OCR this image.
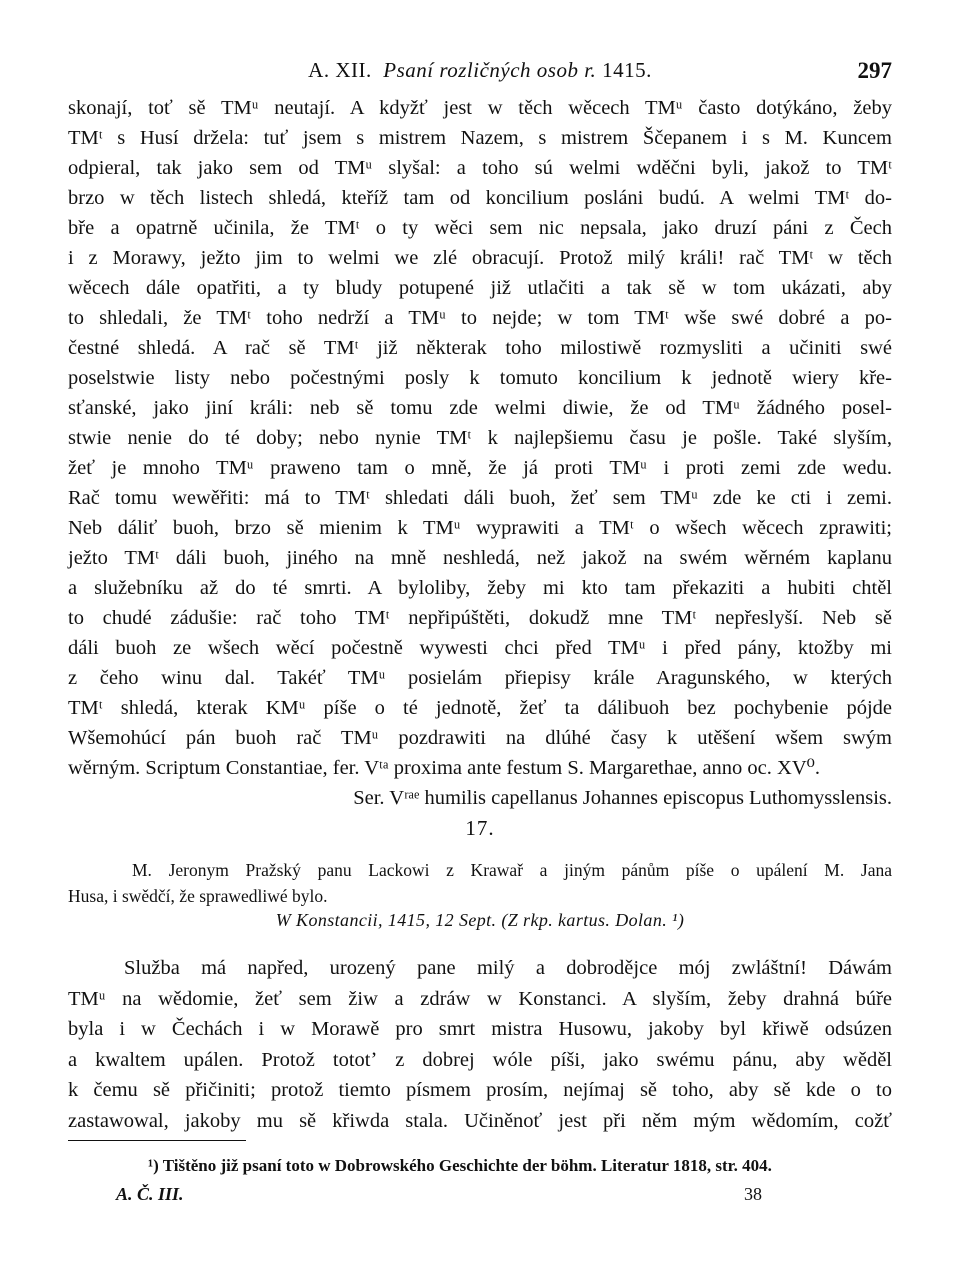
A. XII. Psaní rozličných osob r. 1415.	297
skonají, toť sě TMᵘ neutají. A kdyžť jest w těch wěcech TMᵘ často dotýkáno, žeby
TMᵗ s Husí držela: tuť jsem s mistrem Nazem, s mistrem Ščepanem i s M. Kuncem
odpieral, tak jako sem od TMᵘ slyšal: a toho sú welmi wděčni byli, jakož to TMᵗ
brzo w těch listech shledá, kteříž tam od koncilium posláni budú. A welmi TMᵗ do-
bře a opatrně učinila, že TMᵗ o ty wěci sem nic nepsala, jako druzí páni z Čech
i z Morawy, ježto jim to welmi we zlé obracují. Protož milý králi! rač TMᵗ w těch
wěcech dále opatřiti, a ty bludy potupené již utlačiti a tak sě w tom ukázati, aby
to shledali, že TMᵗ toho nedrží a TMᵘ to nejde; w tom TMᵗ wše swé dobré a po-
čestné shledá. A rač sě TMᵗ již některak toho milostiwě rozmysliti a učiniti swé
poselstwie listy nebo počestnými posly k tomuto koncilium k jednotě wiery kře-
sťanské, jako jiní králi: neb sě tomu zde welmi diwie, že od TMᵘ žádného posel-
stwie nenie do té doby; nebo nynie TMᵗ k najlepšiemu času je pošle. Také slyším,
žeť je mnoho TMᵘ praweno tam o mně, že já proti TMᵘ i proti zemi zde wedu.
Rač tomu wewěřiti: má to TMᵗ shledati dáli buoh, žeť sem TMᵘ zde ke cti i zemi.
Neb dáliť buoh, brzo sě mienim k TMᵘ wyprawiti a TMᵗ o wšech wěcech zprawiti;
ježto TMᵗ dáli buoh, jiného na mně neshledá, než jakož na swém wěrném kaplanu
a služebníku až do té smrti. A byloliby, žeby mi kto tam překaziti a hubiti chtěl
to chudé zádušie: rač toho TMᵗ nepřipúštěti, dokudž mne TMᵗ nepřeslyší. Neb sě
dáli buoh ze wšech wěcí počestně wywesti chci před TMᵘ i před pány, ktožby mi
z čeho winu dal. Takéť TMᵘ posielám přiepisy krále Aragunského, w kterých
TMᵗ shledá, kterak KMᵘ píše o té jednotě, žeť ta dálibuoh bez pochybenie pójde
Wšemohúcí pán buoh rač TMᵘ pozdrawiti na dlúhé časy k utěšení wšem swým
wěrným. Scriptum Constantiae, fer. Vᵗᵃ proxima ante festum S. Margarethae, anno oc. XV⁰.
Ser. Vʳᵃᵉ humilis capellanus Johannes episcopus Luthomysslensis.
17.
M. Jeronym Pražský panu Lackowi z Krawař a jiným pánům píše o upálení M. Jana
Husa, i swědčí, že sprawedliwé bylo.
W Konstancii, 1415, 12 Sept. (Z rkp. kartus. Dolan. ¹)
Služba má napřed, urozený pane milý a dobrodějce mój zwláštní! Dáwám
TMᵘ na wědomie, žeť sem žiw a zdráw w Konstanci. A slyším, žeby drahná búře
byla i w Čechách i w Morawě pro smrt mistra Husowu, jakoby byl křiwě odsúzen
a kwaltem upálen. Protož tototʼ z dobrej wóle píši, jako swému pánu, aby wěděl
k čemu sě přičiniti; protož tiemto písmem prosím, nejímaj sě toho, aby sě kde o to
zastawowal, jakoby mu sě křiwda stala. Učiněnoť jest při něm mým wědomím, cožť
¹) Tištěno již psaní toto w Dobrowského Geschichte der böhm. Literatur 1818, str. 404.
A. Č. III.	38
